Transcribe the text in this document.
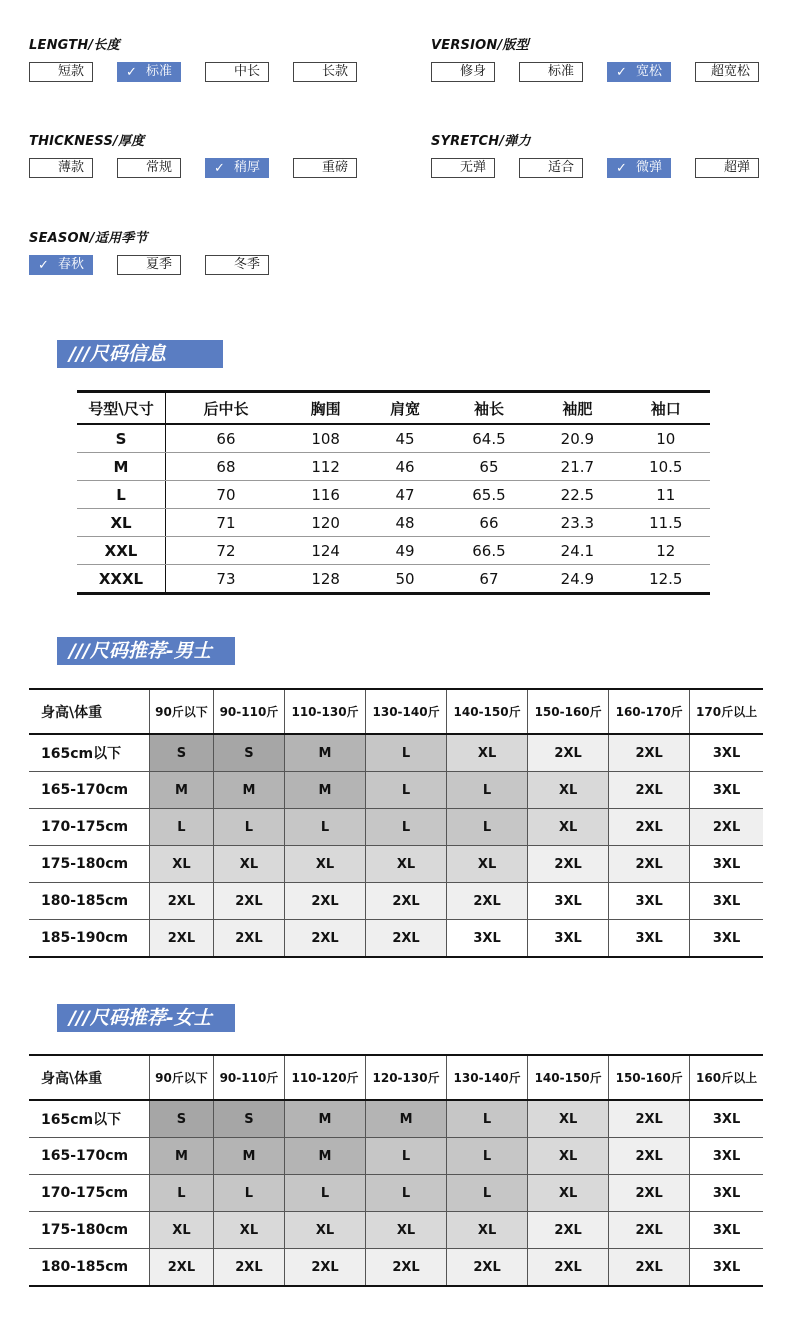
LENGTH/长度
短款	✓ 标准	中长	长款
VERSION/版型
修身	标准	✓ 宽松	超宽松
THICKNESS/厚度
薄款	常规	✓ 稍厚	重磅
SYRETCH/弹力
无弹	适合	✓ 微弹	超弹
SEASON/适用季节
✓ 春秋	夏季	冬季
///尺码信息
号型\尺寸	后中长	胸围	肩宽	袖长	袖肥	袖口
S	66	108	45	64.5	20.9	10
M	68	112	46	65	21.7	10.5
L	70	116	47	65.5	22.5	11
XL	71	120	48	66	23.3	11.5
XXL	72	124	49	66.5	24.1	12
XXXL	73	128	50	67	24.9	12.5
///尺码推荐-男士
身高\体重	90斤以下	90-110斤	110-130斤	130-140斤	140-150斤	150-160斤	160-170斤	170斤以上
165cm以下	S	S	M	L	XL	2XL	2XL	3XL
165-170cm	M	M	M	L	L	XL	2XL	3XL
170-175cm	L	L	L	L	L	XL	2XL	2XL
175-180cm	XL	XL	XL	XL	XL	2XL	2XL	3XL
180-185cm	2XL	2XL	2XL	2XL	2XL	3XL	3XL	3XL
185-190cm	2XL	2XL	2XL	2XL	3XL	3XL	3XL	3XL
///尺码推荐-女士
身高\体重	90斤以下	90-110斤	110-120斤	120-130斤	130-140斤	140-150斤	150-160斤	160斤以上
165cm以下	S	S	M	M	L	XL	2XL	3XL
165-170cm	M	M	M	L	L	XL	2XL	3XL
170-175cm	L	L	L	L	L	XL	2XL	3XL
175-180cm	XL	XL	XL	XL	XL	2XL	2XL	3XL
180-185cm	2XL	2XL	2XL	2XL	2XL	2XL	2XL	3XL
